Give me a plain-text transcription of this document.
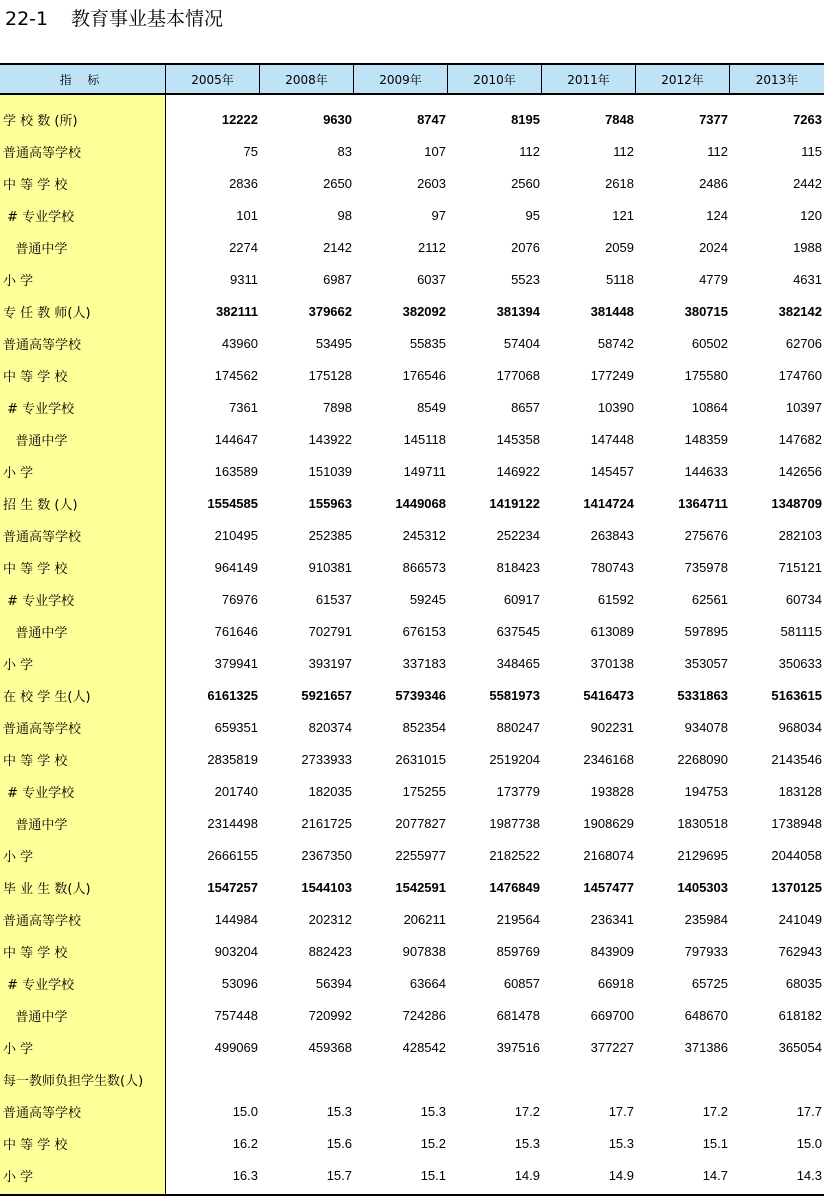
22-1 教育事业基本情况
指 标	2005年	2008年	2009年	2010年	2011年	2012年	2013年
学 校 数 (所)	12222	9630	8747	8195	7848	7377	7263
普通高等学校	75	83	107	112	112	112	115
中 等 学 校	2836	2650	2603	2560	2618	2486	2442
# 专业学校	101	98	97	95	121	124	120
普通中学	2274	2142	2112	2076	2059	2024	1988
小 学	9311	6987	6037	5523	5118	4779	4631
专 任 教 师(人)	382111	379662	382092	381394	381448	380715	382142
普通高等学校	43960	53495	55835	57404	58742	60502	62706
中 等 学 校	174562	175128	176546	177068	177249	175580	174760
# 专业学校	7361	7898	8549	8657	10390	10864	10397
普通中学	144647	143922	145118	145358	147448	148359	147682
小 学	163589	151039	149711	146922	145457	144633	142656
招 生 数 (人)	1554585	155963	1449068	1419122	1414724	1364711	1348709
普通高等学校	210495	252385	245312	252234	263843	275676	282103
中 等 学 校	964149	910381	866573	818423	780743	735978	715121
# 专业学校	76976	61537	59245	60917	61592	62561	60734
普通中学	761646	702791	676153	637545	613089	597895	581115
小 学	379941	393197	337183	348465	370138	353057	350633
在 校 学 生(人)	6161325	5921657	5739346	5581973	5416473	5331863	5163615
普通高等学校	659351	820374	852354	880247	902231	934078	968034
中 等 学 校	2835819	2733933	2631015	2519204	2346168	2268090	2143546
# 专业学校	201740	182035	175255	173779	193828	194753	183128
普通中学	2314498	2161725	2077827	1987738	1908629	1830518	1738948
小 学	2666155	2367350	2255977	2182522	2168074	2129695	2044058
毕 业 生 数(人)	1547257	1544103	1542591	1476849	1457477	1405303	1370125
普通高等学校	144984	202312	206211	219564	236341	235984	241049
中 等 学 校	903204	882423	907838	859769	843909	797933	762943
# 专业学校	53096	56394	63664	60857	66918	65725	68035
普通中学	757448	720992	724286	681478	669700	648670	618182
小 学	499069	459368	428542	397516	377227	371386	365054
每一教师负担学生数(人)
普通高等学校	15.0	15.3	15.3	17.2	17.7	17.2	17.7
中 等 学 校	16.2	15.6	15.2	15.3	15.3	15.1	15.0
小 学	16.3	15.7	15.1	14.9	14.9	14.7	14.3
